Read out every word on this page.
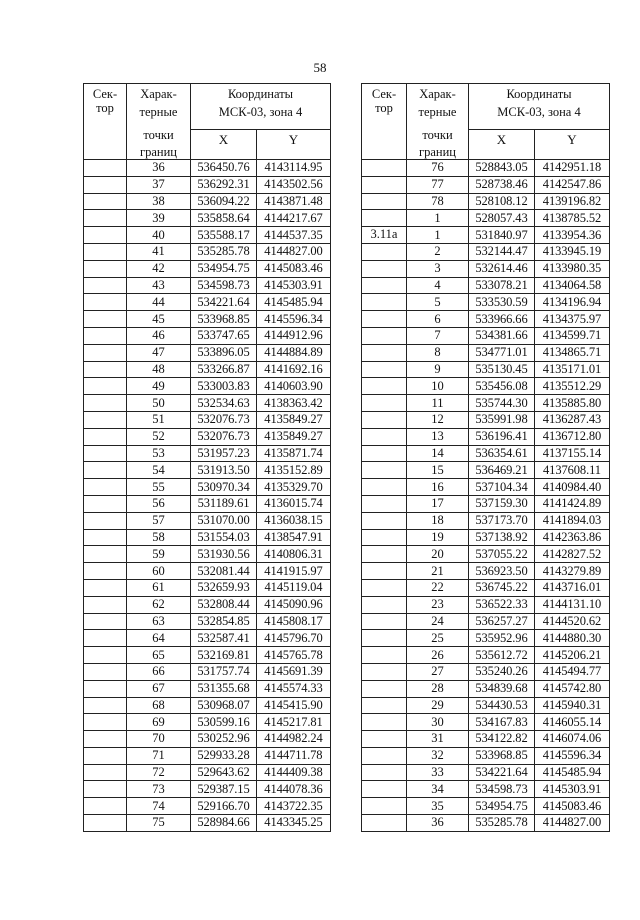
58
Сек-
тор	Харак-
терные
точки
границ	Координаты
МСК-03, зона 4	

		X	Y
	36	536450.76	4143114.95
	37	536292.31	4143502.56
	38	536094.22	4143871.48
	39	535858.64	4144217.67
	40	535588.17	4144537.35
	41	535285.78	4144827.00
	42	534954.75	4145083.46
	43	534598.73	4145303.91
	44	534221.64	4145485.94
	45	533968.85	4145596.34
	46	533747.65	4144912.96
	47	533896.05	4144884.89
	48	533266.87	4141692.16
	49	533003.83	4140603.90
	50	532534.63	4138363.42
	51	532076.73	4135849.27
	52	532076.73	4135849.27
	53	531957.23	4135871.74
	54	531913.50	4135152.89
	55	530970.34	4135329.70
	56	531189.61	4136015.74
	57	531070.00	4136038.15
	58	531554.03	4138547.91
	59	531930.56	4140806.31
	60	532081.44	4141915.97
	61	532659.93	4145119.04
	62	532808.44	4145090.96
	63	532854.85	4145808.17
	64	532587.41	4145796.70
	65	532169.81	4145765.78
	66	531757.74	4145691.39
	67	531355.68	4145574.33
	68	530968.07	4145415.90
	69	530599.16	4145217.81
	70	530252.96	4144982.24
	71	529933.28	4144711.78
	72	529643.62	4144409.38
	73	529387.15	4144078.36
	74	529166.70	4143722.35
	75	528984.66	4143345.25
Сек-
тор	Харак-
терные
точки
границ	Координаты
МСК-03, зона 4	

		X	Y
	76	528843.05	4142951.18
	77	528738.46	4142547.86
	78	528108.12	4139196.82
	1	528057.43	4138785.52
3.11а	1	531840.97	4133954.36
	2	532144.47	4133945.19
	3	532614.46	4133980.35
	4	533078.21	4134064.58
	5	533530.59	4134196.94
	6	533966.66	4134375.97
	7	534381.66	4134599.71
	8	534771.01	4134865.71
	9	535130.45	4135171.01
	10	535456.08	4135512.29
	11	535744.30	4135885.80
	12	535991.98	4136287.43
	13	536196.41	4136712.80
	14	536354.61	4137155.14
	15	536469.21	4137608.11
	16	537104.34	4140984.40
	17	537159.30	4141424.89
	18	537173.70	4141894.03
	19	537138.92	4142363.86
	20	537055.22	4142827.52
	21	536923.50	4143279.89
	22	536745.22	4143716.01
	23	536522.33	4144131.10
	24	536257.27	4144520.62
	25	535952.96	4144880.30
	26	535612.72	4145206.21
	27	535240.26	4145494.77
	28	534839.68	4145742.80
	29	534430.53	4145940.31
	30	534167.83	4146055.14
	31	534122.82	4146074.06
	32	533968.85	4145596.34
	33	534221.64	4145485.94
	34	534598.73	4145303.91
	35	534954.75	4145083.46
	36	535285.78	4144827.00
